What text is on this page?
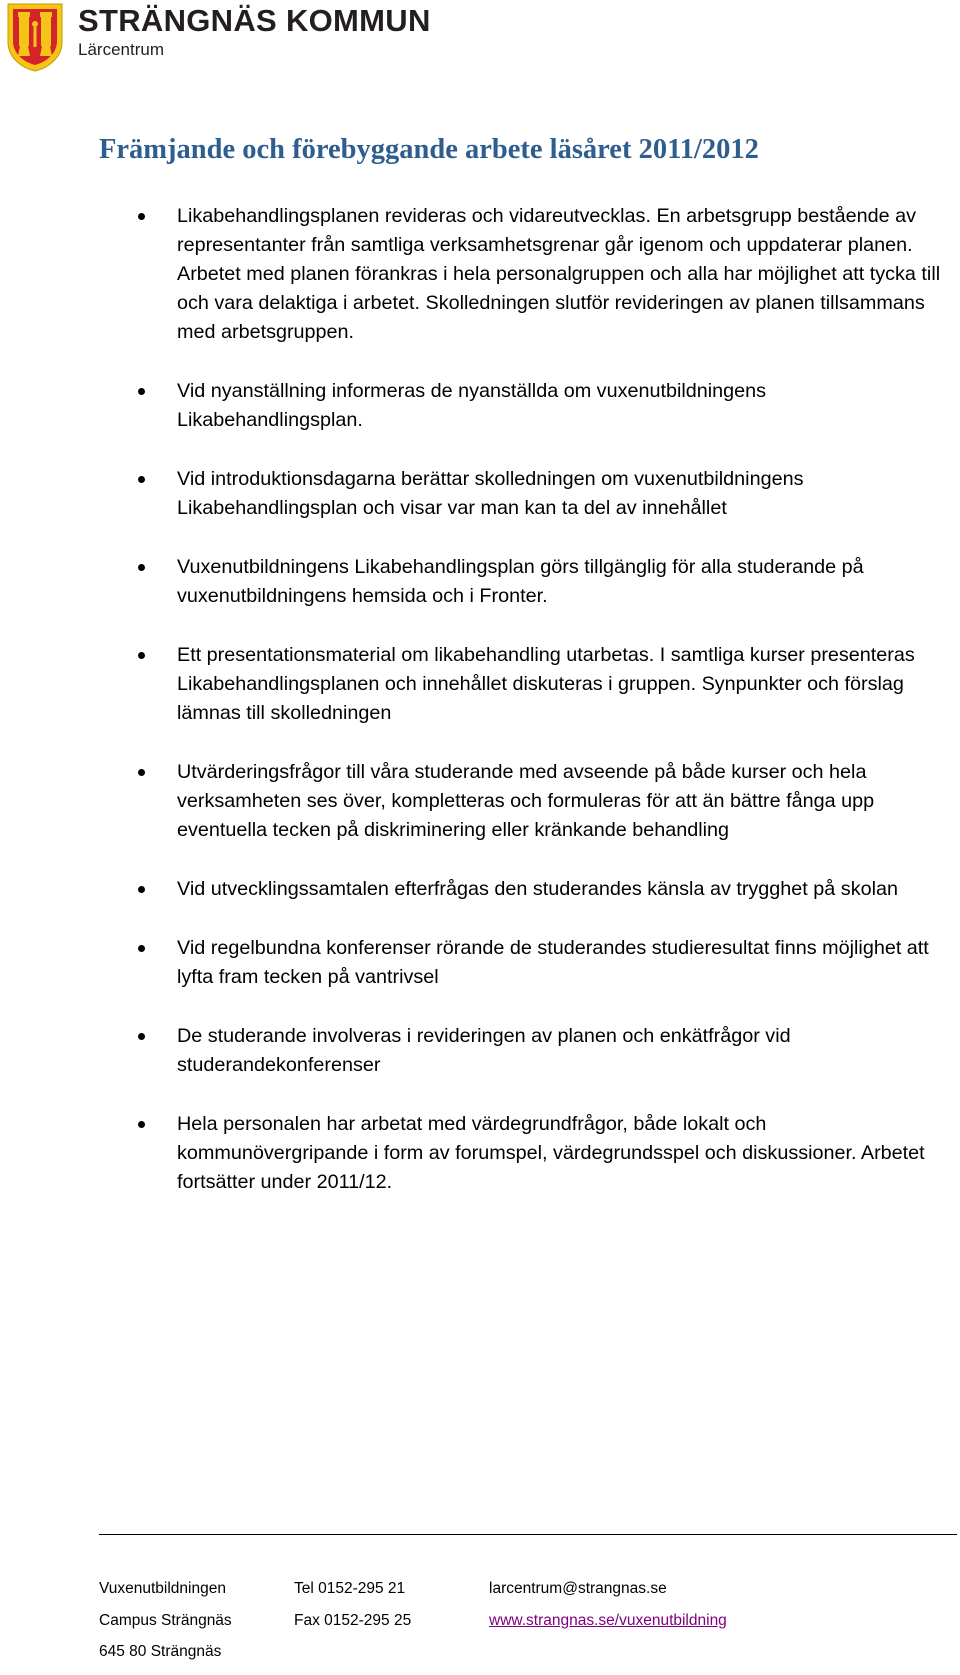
STRÄNGNÄS KOMMUN
Lärcentrum
Främjande och förebyggande arbete läsåret 2011/2012
Likabehandlingsplanen revideras och vidareutvecklas. En arbetsgrupp bestående av representanter från samtliga verksamhetsgrenar går igenom och uppdaterar planen. Arbetet med planen förankras i hela personalgruppen och alla har möjlighet att tycka till och vara delaktiga i arbetet. Skolledningen slutför revideringen av planen tillsammans med arbetsgruppen.
Vid nyanställning informeras de nyanställda om vuxenutbildningens Likabehandlingsplan.
Vid introduktionsdagarna berättar skolledningen om vuxenutbildningens Likabehandlingsplan och visar var man kan ta del av innehållet
Vuxenutbildningens Likabehandlingsplan görs tillgänglig för alla studerande på vuxenutbildningens hemsida och i Fronter.
Ett presentationsmaterial om likabehandling utarbetas. I samtliga kurser presenteras Likabehandlingsplanen och innehållet diskuteras i gruppen. Synpunkter och förslag lämnas till skolledningen
Utvärderingsfrågor till våra studerande med avseende på både kurser och hela verksamheten ses över, kompletteras och formuleras för att än bättre fånga upp eventuella tecken på diskriminering eller kränkande behandling
Vid utvecklingssamtalen efterfrågas den studerandes känsla av trygghet på skolan
Vid regelbundna konferenser rörande de studerandes studieresultat finns möjlighet att lyfta fram tecken på vantrivsel
De studerande involveras i revideringen av planen och enkätfrågor vid studerandekonferenser
Hela personalen har arbetat med värdegrundfrågor, både lokalt och kommunövergripande i form av forumspel, värdegrundsspel och diskussioner. Arbetet fortsätter under 2011/12.
Vuxenutbildningen	Tel 0152-295 21	larcentrum@strangnas.se
Campus Strängnäs	Fax 0152-295 25	www.strangnas.se/vuxenutbildning
645 80 Strängnäs
